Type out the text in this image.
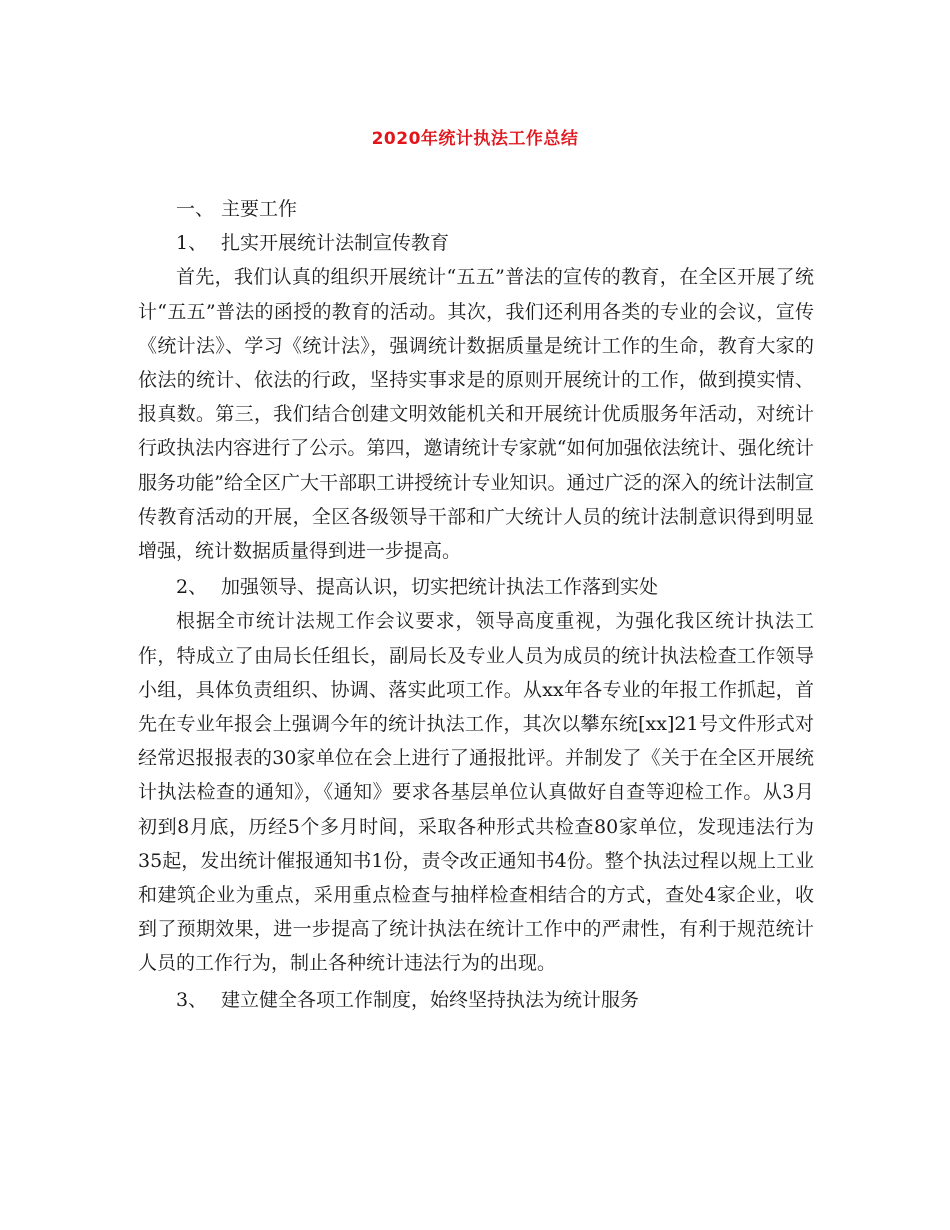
2020年统计执法工作总结

一、 主要工作

1、 扎实开展统计法制宣传教育

首先，我们认真的组织开展统计“五五”普法的宣传的教育，在全区开展了统计“五五”普法的函授的教育的活动。其次，我们还利用各类的专业的会议，宣传《统计法》、学习《统计法》，强调统计数据质量是统计工作的生命，教育大家的依法的统计、依法的行政，坚持实事求是的原则开展统计的工作，做到摸实情、报真数。第三，我们结合创建文明效能机关和开展统计优质服务年活动，对统计行政执法内容进行了公示。第四，邀请统计专家就“如何加强依法统计、强化统计服务功能”给全区广大干部职工讲授统计专业知识。通过广泛的深入的统计法制宣传教育活动的开展，全区各级领导干部和广大统计人员的统计法制意识得到明显增强，统计数据质量得到进一步提高。

2、 加强领导、提高认识，切实把统计执法工作落到实处

根据全市统计法规工作会议要求，领导高度重视，为强化我区统计执法工作，特成立了由局长任组长，副局长及专业人员为成员的统计执法检查工作领导小组，具体负责组织、协调、落实此项工作。从xx年各专业的年报工作抓起，首先在专业年报会上强调今年的统计执法工作，其次以攀东统[xx]21号文件形式对经常迟报报表的30家单位在会上进行了通报批评。并制发了《关于在全区开展统计执法检查的通知》，《通知》要求各基层单位认真做好自查等迎检工作。从3月初到8月底，历经5个多月时间，采取各种形式共检查80家单位，发现违法行为35起，发出统计催报通知书1份，责令改正通知书4份。整个执法过程以规上工业和建筑企业为重点，采用重点检查与抽样检查相结合的方式，查处4家企业，收到了预期效果，进一步提高了统计执法在统计工作中的严肃性，有利于规范统计人员的工作行为，制止各种统计违法行为的出现。

3、 建立健全各项工作制度，始终坚持执法为统计服务
